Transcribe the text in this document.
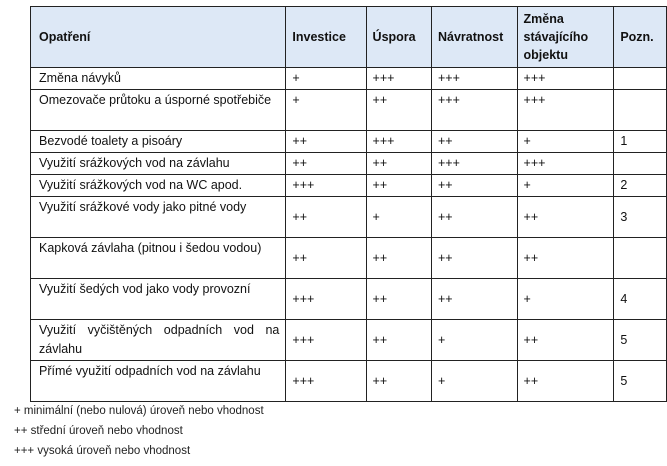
Opatření	Investice	Úspora	Návratnost	Změna stávajícího objektu	Pozn.
Změna návyků	+	+++	+++	+++	
Omezovače průtoku a úsporné spotřebiče	+	++	+++	+++	
Bezvodé toalety a pisoáry	++	+++	++	+	1
Využití srážkových vod na závlahu	++	++	+++	+++	
Využití srážkových vod na WC apod.	+++	++	++	+	2
Využití srážkové vody jako pitné vody	++	+	++	++	3
Kapková závlaha (pitnou i šedou vodou)	++	++	++	++	
Využití šedých vod jako vody provozní	+++	++	++	+	4
Využití vyčištěných odpadních vod na závlahu	+++	++	+	++	5
Přímé využití odpadních vod na závlahu	+++	++	+	++	5
+ minimální (nebo nulová) úroveň nebo vhodnost
++ střední úroveň nebo vhodnost
+++ vysoká úroveň nebo vhodnost
